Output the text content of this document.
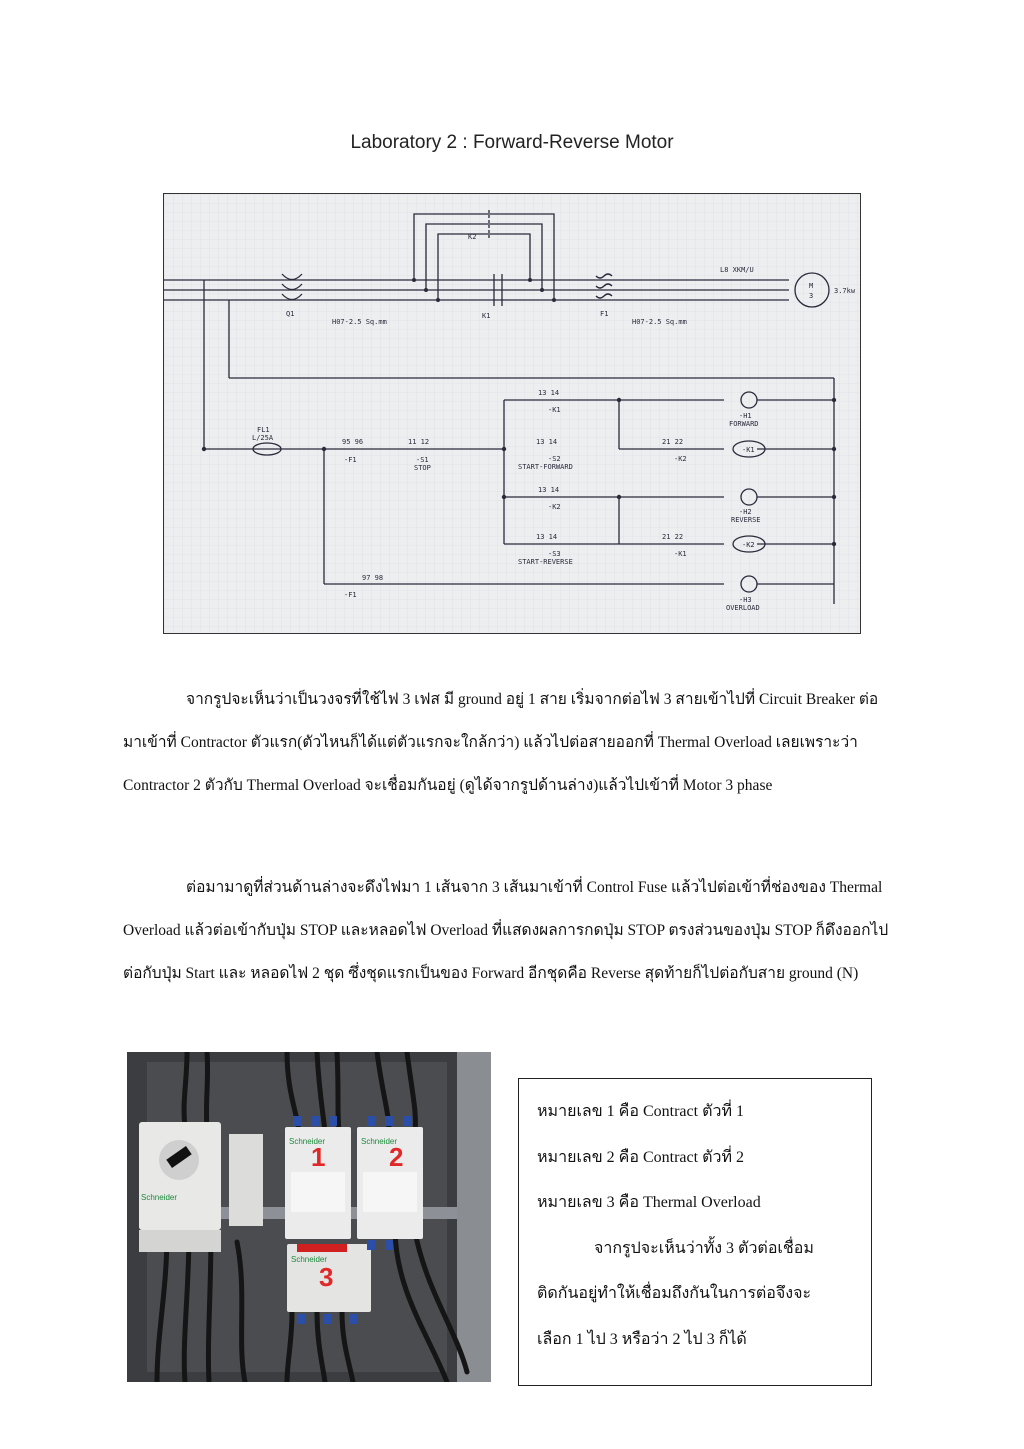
Laboratory 2 : Forward-Reverse Motor
K2
Q1	K1	F1
H07-2.5 Sq.mm	H07-2.5 Sq.mm
L8 XKM/U
M
3
3.7kw
FL1
L/25A	95 96
-F1
11 12
-S1
STOP
13 14
-K1
13 14
-S2
START-FORWARD
21 22
-K2
-H1
FORWARD
-K1
13 14
-K2
-H2
REVERSE
13 14
-S3
START-REVERSE
21 22
-K1
-K2
97 98
-F1
-H3
OVERLOAD

จากรูปจะเห็นว่าเป็นวงจรที่ใช้ไฟ 3 เฟส มี ground อยู่ 1 สาย เริ่มจากต่อไฟ 3 สายเข้าไปที่ Circuit Breaker ต่อมาเข้าที่ Contractor ตัวแรก(ตัวไหนก็ได้แต่ตัวแรกจะใกล้กว่า) แล้วไปต่อสายออกที่ Thermal Overload เลยเพราะว่า Contractor 2 ตัวกับ Thermal Overload จะเชื่อมกันอยู่ (ดูได้จากรูปด้านล่าง)แล้วไปเข้าที่ Motor 3 phase

ต่อมามาดูที่ส่วนด้านล่างจะดึงไฟมา 1 เส้นจาก 3 เส้นมาเข้าที่ Control Fuse แล้วไปต่อเข้าที่ช่องของ Thermal Overload แล้วต่อเข้ากับปุ่ม STOP และหลอดไฟ Overload ที่แสดงผลการกดปุ่ม STOP ตรงส่วนของปุ่ม STOP ก็ดึงออกไปต่อกับปุ่ม Start และ หลอดไฟ 2 ชุด ซึ่งชุดแรกเป็นของ Forward อีกชุดคือ Reverse สุดท้ายก็ไปต่อกับสาย ground (N)

Schneider
Schneider	Schneider
Schneider
1 2
3
หมายเลข 1 คือ Contract ตัวที่ 1
หมายเลข 2 คือ Contract ตัวที่ 2
หมายเลข 3 คือ Thermal Overload
จากรูปจะเห็นว่าทั้ง 3 ตัวต่อเชื่อม
ติดกันอยู่ทำให้เชื่อมถึงกันในการต่อจึงจะ
เลือก 1 ไป 3 หรือว่า 2 ไป 3 ก็ได้
